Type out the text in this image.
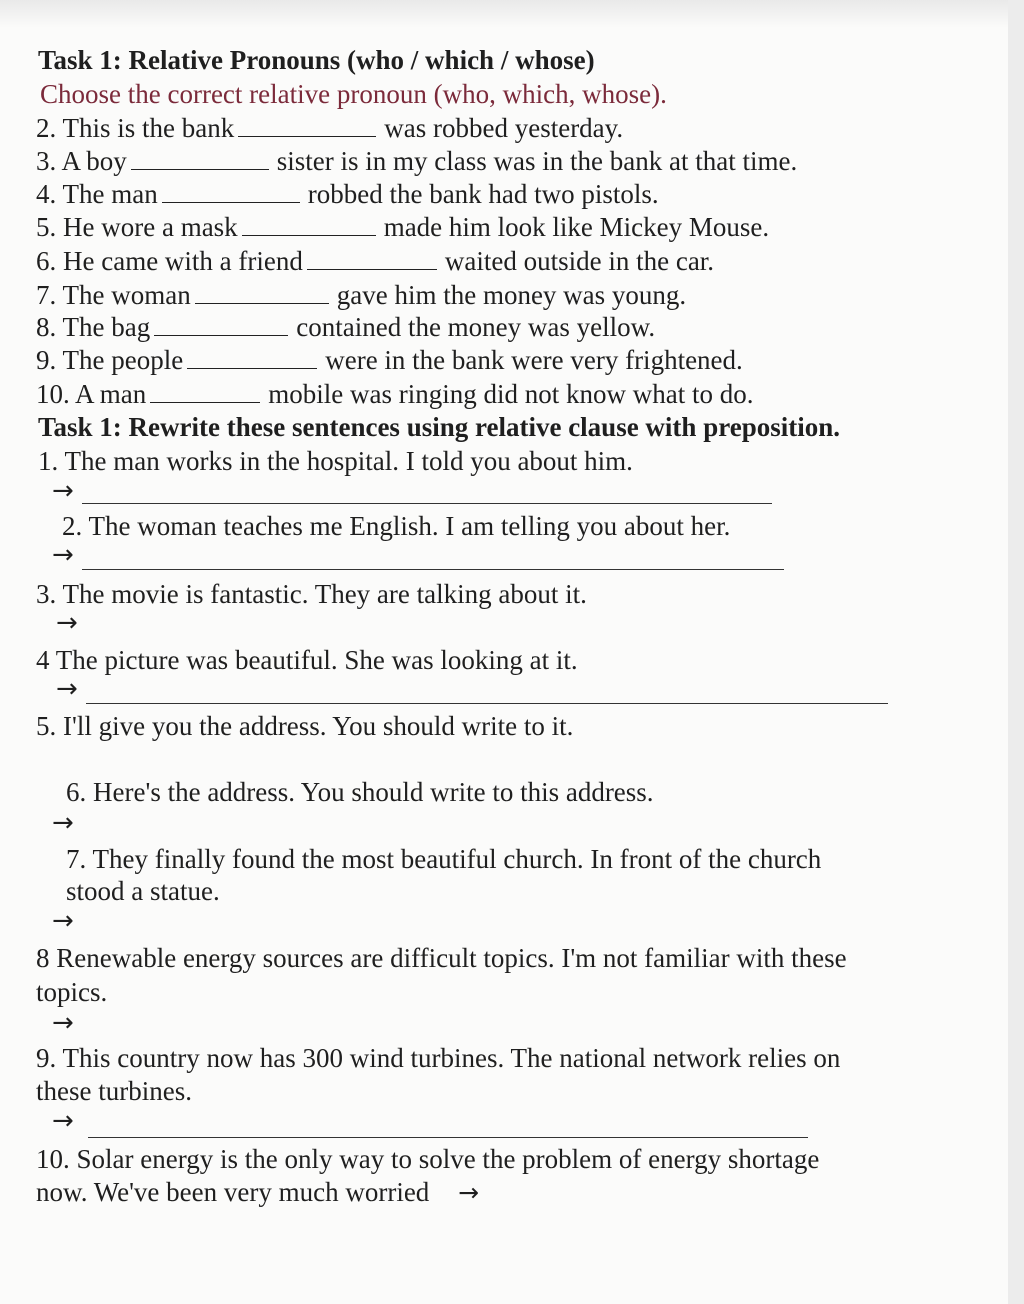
Task 1: Relative Pronouns (who / which / whose)
Choose the correct relative pronoun (who, which, whose).
2. This is the bank	was robbed yesterday.
3. A boy	sister is in my class was in the bank at that time.
4. The man	robbed the bank had two pistols.
5. He wore a mask	made him look like Mickey Mouse.
6. He came with a friend	waited outside in the car.
7. The woman	gave him the money was young.
8. The bag	contained the money was yellow.
9. The people	were in the bank were very frightened.
10. A man	mobile was ringing did not know what to do.
Task 1: Rewrite these sentences using relative clause with preposition.
1. The man works in the hospital. I told you about him.
→
2. The woman teaches me English. I am telling you about her.
→
3. The movie is fantastic. They are talking about it.
→
4 The picture was beautiful. She was looking at it.
→
5. I'll give you the address. You should write to it.
6. Here's the address. You should write to this address.
→
7. They finally found the most beautiful church. In front of the church
stood a statue.
→
8 Renewable energy sources are difficult topics. I'm not familiar with these
topics.
→
9. This country now has 300 wind turbines. The national network relies on
these turbines.
→
10. Solar energy is the only way to solve the problem of energy shortage
now. We've been very much worried →
